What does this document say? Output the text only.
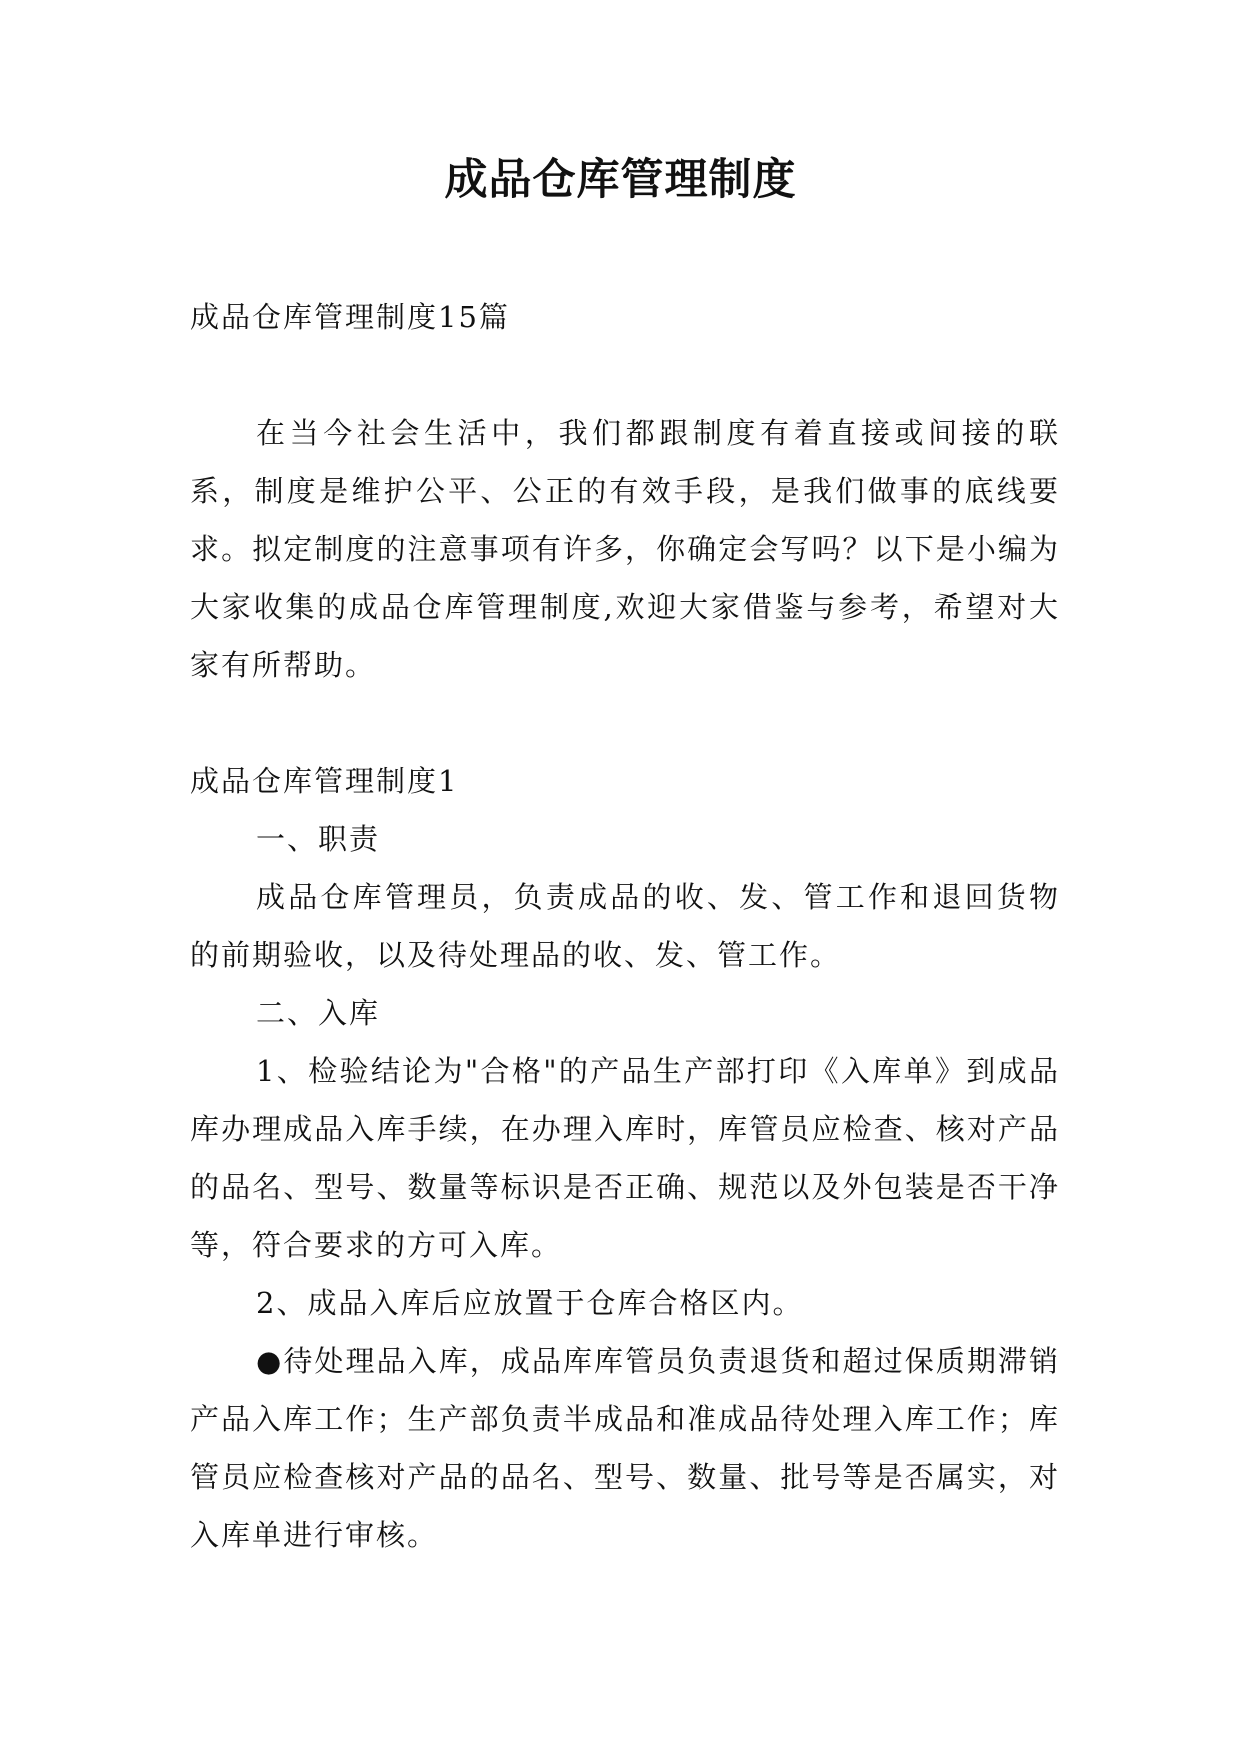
成品仓库管理制度

成品仓库管理制度15篇

在当今社会生活中，我们都跟制度有着直接或间接的联系，制度是维护公平、公正的有效手段，是我们做事的底线要求。拟定制度的注意事项有许多，你确定会写吗？以下是小编为大家收集的成品仓库管理制度,欢迎大家借鉴与参考，希望对大家有所帮助。

成品仓库管理制度1

一、职责

成品仓库管理员，负责成品的收、发、管工作和退回货物的前期验收，以及待处理品的收、发、管工作。

二、入库

1、检验结论为"合格"的产品生产部打印《入库单》到成品库办理成品入库手续，在办理入库时，库管员应检查、核对产品的品名、型号、数量等标识是否正确、规范以及外包装是否干净等，符合要求的方可入库。

2、成品入库后应放置于仓库合格区内。

●待处理品入库，成品库库管员负责退货和超过保质期滞销产品入库工作；生产部负责半成品和准成品待处理入库工作；库管员应检查核对产品的品名、型号、数量、批号等是否属实，对入库单进行审核。
